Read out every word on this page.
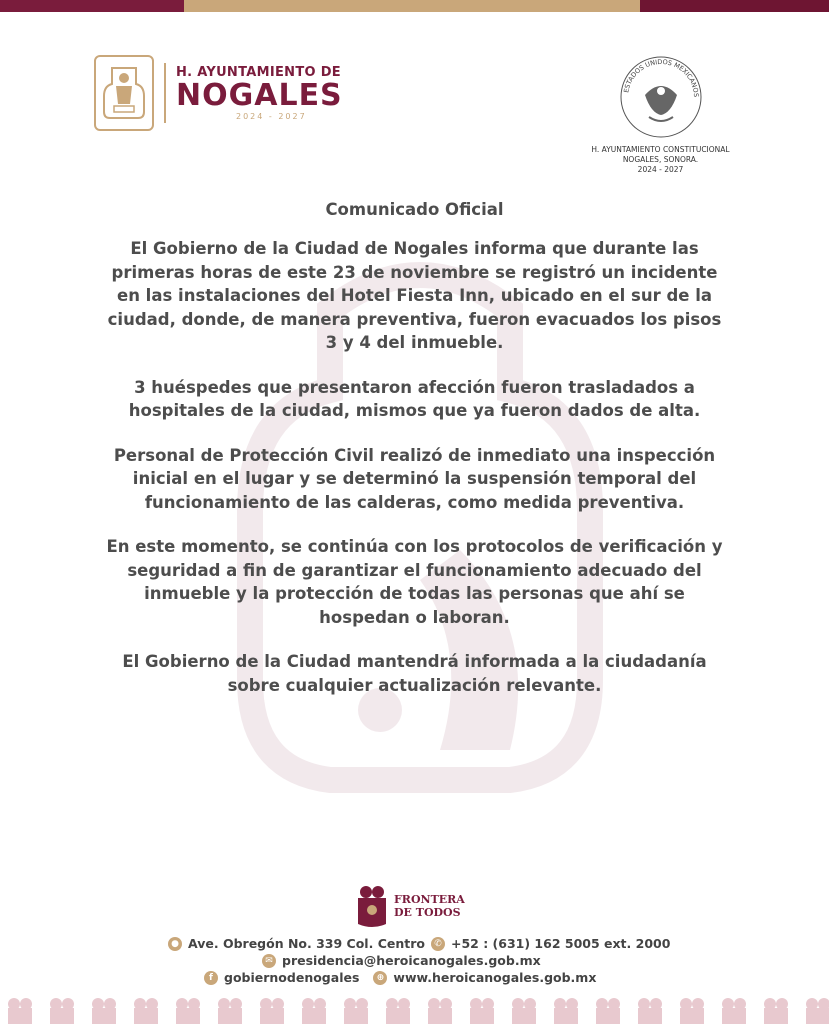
H. AYUNTAMIENTO DE
NOGALES
2024 - 2027
ESTADOS UNIDOS MEXICANOS
H. AYUNTAMIENTO CONSTITUCIONAL
NOGALES, SONORA.
2024 - 2027
Comunicado Oficial

El Gobierno de la Ciudad de Nogales informa que durante las primeras horas de este 23 de noviembre se registró un incidente en las instalaciones del Hotel Fiesta Inn, ubicado en el sur de la ciudad, donde, de manera preventiva, fueron evacuados los pisos 3 y 4 del inmueble.

3 huéspedes que presentaron afección fueron trasladados a hospitales de la ciudad, mismos que ya fueron dados de alta.

Personal de Protección Civil realizó de inmediato una inspección inicial en el lugar y se determinó la suspensión temporal del funcionamiento de las calderas, como medida preventiva.

En este momento, se continúa con los protocolos de verificación y seguridad a fin de garantizar el funcionamiento adecuado del inmueble y la protección de todas las personas que ahí se hospedan o laboran.

El Gobierno de la Ciudad mantendrá informada a la ciudadanía sobre cualquier actualización relevante.

FRONTERA
DE TODOS
● Ave. Obregón No. 339 Col. Centro	✆ +52 : (631) 162 5005 ext. 2000
✉ presidencia@heroicanogales.gob.mx
f gobiernodenogales	⊕ www.heroicanogales.gob.mx
